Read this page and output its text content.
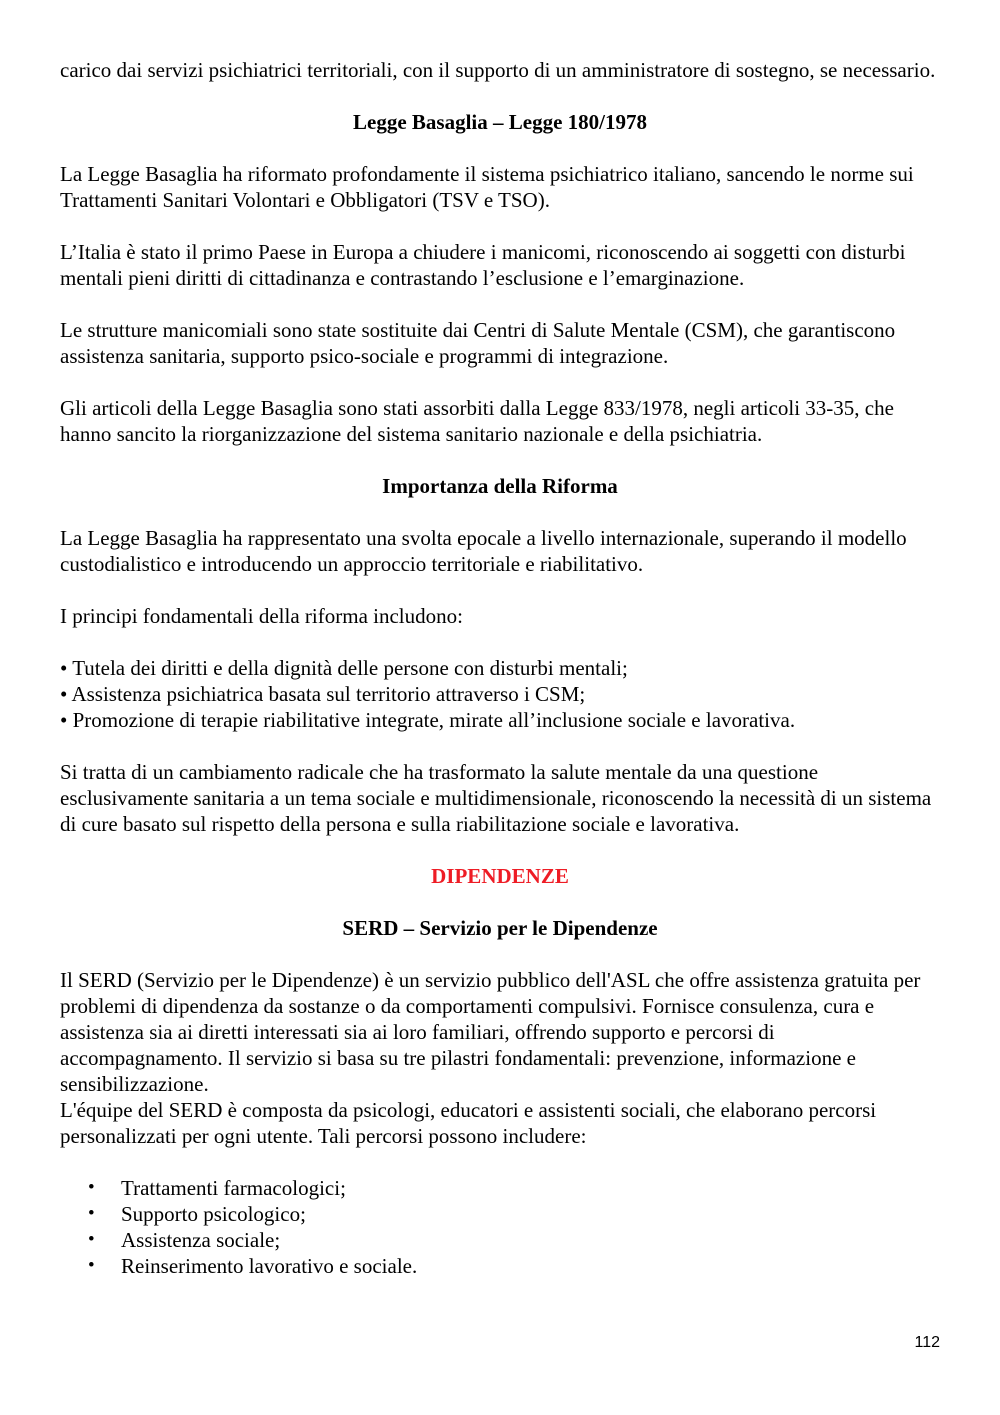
carico dai servizi psichiatrici territoriali, con il supporto di un amministratore di sostegno, se necessario.

Legge Basaglia – Legge 180/1978

La Legge Basaglia ha riformato profondamente il sistema psichiatrico italiano, sancendo le norme sui Trattamenti Sanitari Volontari e Obbligatori (TSV e TSO).

L’Italia è stato il primo Paese in Europa a chiudere i manicomi, riconoscendo ai soggetti con disturbi mentali pieni diritti di cittadinanza e contrastando l’esclusione e l’emarginazione.

Le strutture manicomiali sono state sostituite dai Centri di Salute Mentale (CSM), che garantiscono assistenza sanitaria, supporto psico-sociale e programmi di integrazione.

Gli articoli della Legge Basaglia sono stati assorbiti dalla Legge 833/1978, negli articoli 33-35, che hanno sancito la riorganizzazione del sistema sanitario nazionale e della psichiatria.

Importanza della Riforma

La Legge Basaglia ha rappresentato una svolta epocale a livello internazionale, superando il modello custodialistico e introducendo un approccio territoriale e riabilitativo.

I principi fondamentali della riforma includono:

• Tutela dei diritti e della dignità delle persone con disturbi mentali;
• Assistenza psichiatrica basata sul territorio attraverso i CSM;
• Promozione di terapie riabilitative integrate, mirate all’inclusione sociale e lavorativa.

Si tratta di un cambiamento radicale che ha trasformato la salute mentale da una questione esclusivamente sanitaria a un tema sociale e multidimensionale, riconoscendo la necessità di un sistema di cure basato sul rispetto della persona e sulla riabilitazione sociale e lavorativa.

DIPENDENZE
SERD – Servizio per le Dipendenze

Il SERD (Servizio per le Dipendenze) è un servizio pubblico dell'ASL che offre assistenza gratuita per problemi di dipendenza da sostanze o da comportamenti compulsivi. Fornisce consulenza, cura e assistenza sia ai diretti interessati sia ai loro familiari, offrendo supporto e percorsi di accompagnamento. Il servizio si basa su tre pilastri fondamentali: prevenzione, informazione e sensibilizzazione.

L'équipe del SERD è composta da psicologi, educatori e assistenti sociali, che elaborano percorsi personalizzati per ogni utente. Tali percorsi possono includere:

• Trattamenti farmacologici;
• Supporto psicologico;
• Assistenza sociale;
• Reinserimento lavorativo e sociale.
112
